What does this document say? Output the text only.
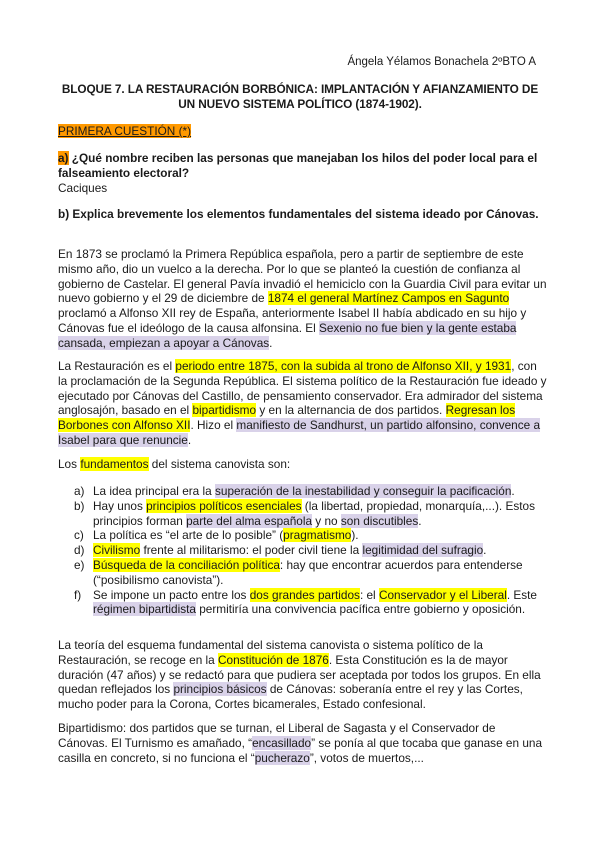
Ángela Yélamos Bonachela 2ºBTO A
BLOQUE 7. LA RESTAURACIÓN BORBÓNICA: IMPLANTACIÓN Y AFIANZAMIENTO DE UN NUEVO SISTEMA POLÍTICO (1874-1902).
PRIMERA CUESTIÓN (*)
a) ¿Qué nombre reciben las personas que manejaban los hilos del poder local para el falseamiento electoral?
Caciques
b) Explica brevemente los elementos fundamentales del sistema ideado por Cánovas.
En 1873 se proclamó la Primera República española, pero a partir de septiembre de este mismo año, dio un vuelco a la derecha. Por lo que se planteó la cuestión de confianza al gobierno de Castelar. El general Pavía invadió el hemiciclo con la Guardia Civil para evitar un nuevo gobierno y el 29 de diciembre de 1874 el general Martínez Campos en Sagunto proclamó a Alfonso XII rey de España, anteriormente Isabel II había abdicado en su hijo y Cánovas fue el ideólogo de la causa alfonsina. El Sexenio no fue bien y la gente estaba cansada, empiezan a apoyar a Cánovas.
La Restauración es el periodo entre 1875, con la subida al trono de Alfonso XII, y 1931, con la proclamación de la Segunda República. El sistema político de la Restauración fue ideado y ejecutado por Cánovas del Castillo, de pensamiento conservador. Era admirador del sistema anglosajón, basado en el bipartidismo y en la alternancia de dos partidos. Regresan los Borbones con Alfonso XII. Hizo el manifiesto de Sandhurst, un partido alfonsino, convence a Isabel para que renuncie.
Los fundamentos del sistema canovista son:
a) La idea principal era la superación de la inestabilidad y conseguir la pacificación.
b) Hay unos principios políticos esenciales (la libertad, propiedad, monarquía,...). Estos principios forman parte del alma española y no son discutibles.
c) La política es “el arte de lo posible” (pragmatismo).
d) Civilismo frente al militarismo: el poder civil tiene la legitimidad del sufragio.
e) Búsqueda de la conciliación política: hay que encontrar acuerdos para entenderse (“posibilismo canovista”).
f) Se impone un pacto entre los dos grandes partidos: el Conservador y el Liberal. Este régimen bipartidista permitiría una convivencia pacífica entre gobierno y oposición.
La teoría del esquema fundamental del sistema canovista o sistema político de la Restauración, se recoge en la Constitución de 1876. Esta Constitución es la de mayor duración (47 años) y se redactó para que pudiera ser aceptada por todos los grupos. En ella quedan reflejados los principios básicos de Cánovas: soberanía entre el rey y las Cortes, mucho poder para la Corona, Cortes bicamerales, Estado confesional.
Bipartidismo: dos partidos que se turnan, el Liberal de Sagasta y el Conservador de Cánovas. El Turnismo es amañado, “encasillado” se ponía al que tocaba que ganase en una casilla en concreto, si no funciona el “pucherazo”, votos de muertos,...
